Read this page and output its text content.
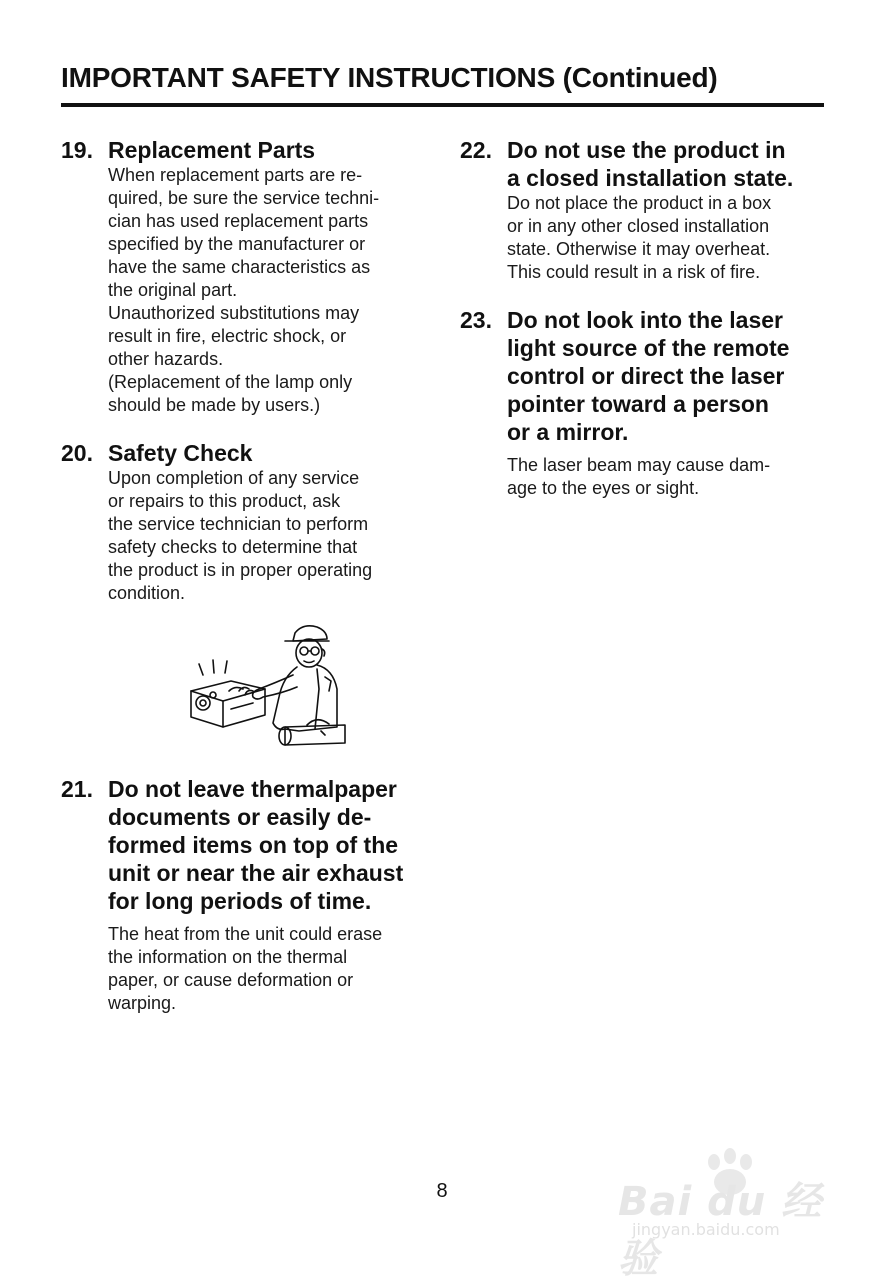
IMPORTANT SAFETY INSTRUCTIONS (Continued)
19. Replacement Parts
When replacement parts are re-
quired, be sure the service techni-
cian has used replacement parts
specified by the manufacturer or
have the same characteristics as
the original part.
Unauthorized substitutions may
result in fire, electric shock, or
other hazards.
(Replacement of the lamp only
should be made by users.)
20. Safety Check
Upon completion of any service
or repairs to this product, ask
the service technician to perform
safety checks to determine that
the product is in proper operating
condition.
21. Do not leave thermalpaper
documents or easily de-
formed items on top of the
unit or near the air exhaust
for long periods of time.
The heat from the unit could erase
the information on the thermal
paper, or cause deformation or
warping.
22. Do not use the product in
a closed installation state.
Do not place the product in a box
or in any other closed installation
state. Otherwise it may overheat.
This could result in a risk of fire.
23. Do not look into the laser
light source of the remote
control or direct the laser
pointer toward a person
or a mirror.
The laser beam may cause dam-
age to the eyes or sight.
8	Bai du 经验
jingyan.baidu.com
